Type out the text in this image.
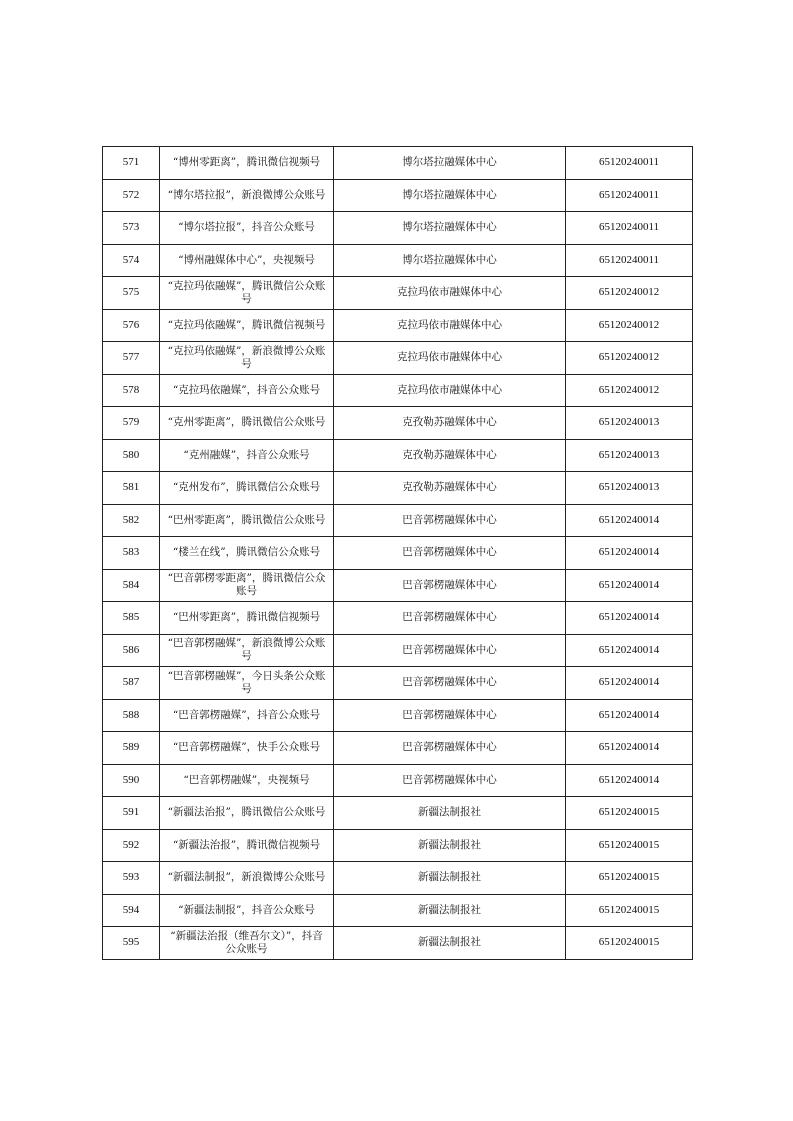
571	“博州零距离”，腾讯微信视频号	博尔塔拉融媒体中心	65120240011
572	“博尔塔拉报”，新浪微博公众账号	博尔塔拉融媒体中心	65120240011
573	“博尔塔拉报”，抖音公众账号	博尔塔拉融媒体中心	65120240011
574	“博州融媒体中心”，央视频号	博尔塔拉融媒体中心	65120240011
575	“克拉玛依融媒”，腾讯微信公众账号	克拉玛依市融媒体中心	65120240012
576	“克拉玛依融媒”，腾讯微信视频号	克拉玛依市融媒体中心	65120240012
577	“克拉玛依融媒”，新浪微博公众账号	克拉玛依市融媒体中心	65120240012
578	“克拉玛依融媒”，抖音公众账号	克拉玛依市融媒体中心	65120240012
579	“克州零距离”，腾讯微信公众账号	克孜勒苏融媒体中心	65120240013
580	“克州融媒”，抖音公众账号	克孜勒苏融媒体中心	65120240013
581	“克州发布”，腾讯微信公众账号	克孜勒苏融媒体中心	65120240013
582	“巴州零距离”，腾讯微信公众账号	巴音郭楞融媒体中心	65120240014
583	“楼兰在线”，腾讯微信公众账号	巴音郭楞融媒体中心	65120240014
584	“巴音郭楞零距离”，腾讯微信公众账号	巴音郭楞融媒体中心	65120240014
585	“巴州零距离”，腾讯微信视频号	巴音郭楞融媒体中心	65120240014
586	“巴音郭楞融媒”，新浪微博公众账号	巴音郭楞融媒体中心	65120240014
587	“巴音郭楞融媒”，今日头条公众账号	巴音郭楞融媒体中心	65120240014
588	“巴音郭楞融媒”，抖音公众账号	巴音郭楞融媒体中心	65120240014
589	“巴音郭楞融媒”，快手公众账号	巴音郭楞融媒体中心	65120240014
590	“巴音郭楞融媒”，央视频号	巴音郭楞融媒体中心	65120240014
591	“新疆法治报”，腾讯微信公众账号	新疆法制报社	65120240015
592	“新疆法治报”，腾讯微信视频号	新疆法制报社	65120240015
593	“新疆法制报”，新浪微博公众账号	新疆法制报社	65120240015
594	“新疆法制报”，抖音公众账号	新疆法制报社	65120240015
595	“新疆法治报（维吾尔文）”，抖音公众账号	新疆法制报社	65120240015
